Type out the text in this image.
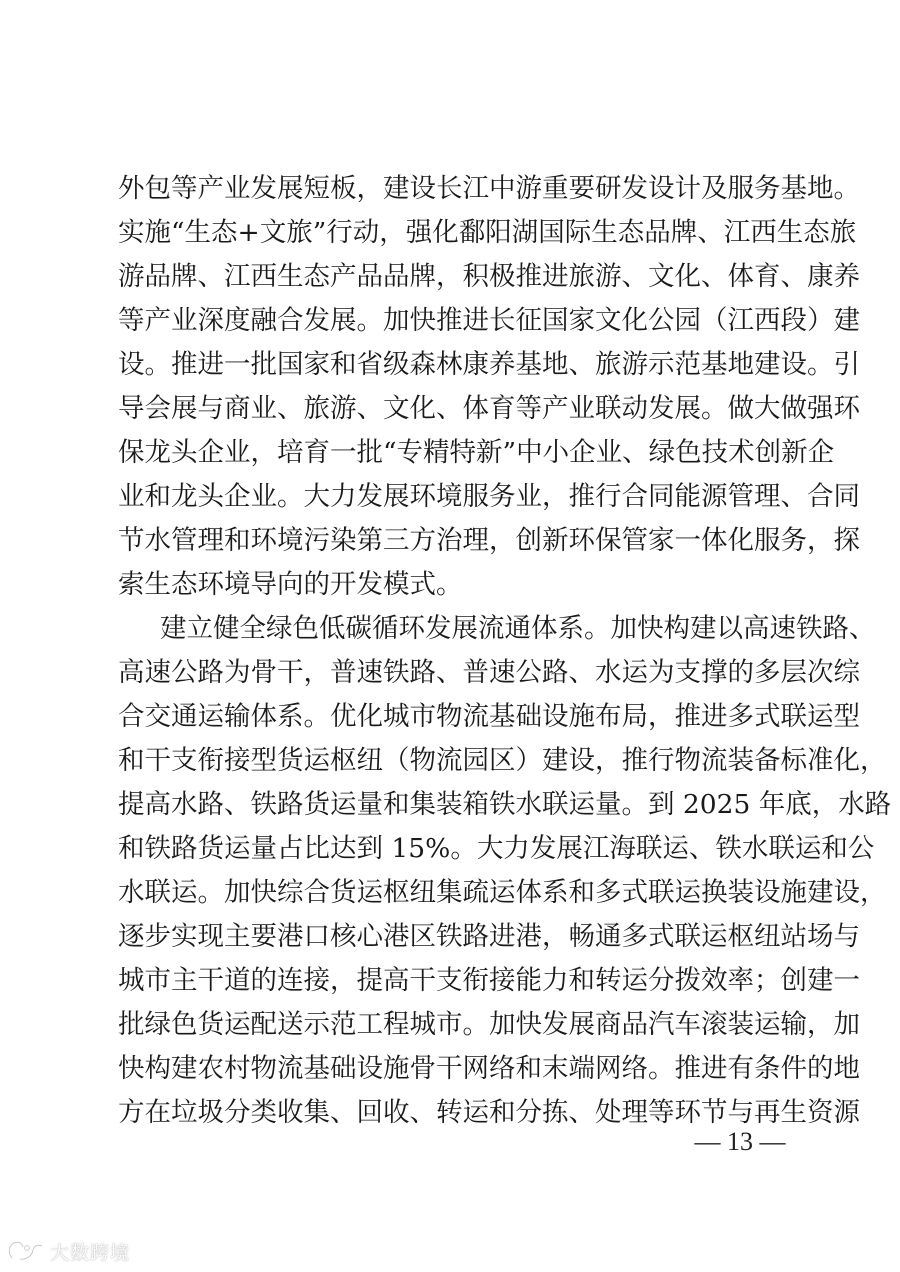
外包等产业发展短板，建设长江中游重要研发设计及服务基地。
实施“生态+文旅”行动，强化鄱阳湖国际生态品牌、江西生态旅
游品牌、江西生态产品品牌，积极推进旅游、文化、体育、康养
等产业深度融合发展。加快推进长征国家文化公园（江西段）建
设。推进一批国家和省级森林康养基地、旅游示范基地建设。引
导会展与商业、旅游、文化、体育等产业联动发展。做大做强环
保龙头企业，培育一批“专精特新”中小企业、绿色技术创新企
业和龙头企业。大力发展环境服务业，推行合同能源管理、合同
节水管理和环境污染第三方治理，创新环保管家一体化服务，探
索生态环境导向的开发模式。
建立健全绿色低碳循环发展流通体系。加快构建以高速铁路、
高速公路为骨干，普速铁路、普速公路、水运为支撑的多层次综
合交通运输体系。优化城市物流基础设施布局，推进多式联运型
和干支衔接型货运枢纽（物流园区）建设，推行物流装备标准化，
提高水路、铁路货运量和集装箱铁水联运量。到 2025 年底，水路
和铁路货运量占比达到 15%。大力发展江海联运、铁水联运和公
水联运。加快综合货运枢纽集疏运体系和多式联运换装设施建设，
逐步实现主要港口核心港区铁路进港，畅通多式联运枢纽站场与
城市主干道的连接，提高干支衔接能力和转运分拨效率；创建一
批绿色货运配送示范工程城市。加快发展商品汽车滚装运输，加
快构建农村物流基础设施骨干网络和末端网络。推进有条件的地
方在垃圾分类收集、回收、转运和分拣、处理等环节与再生资源
— 13 —
大数跨境
